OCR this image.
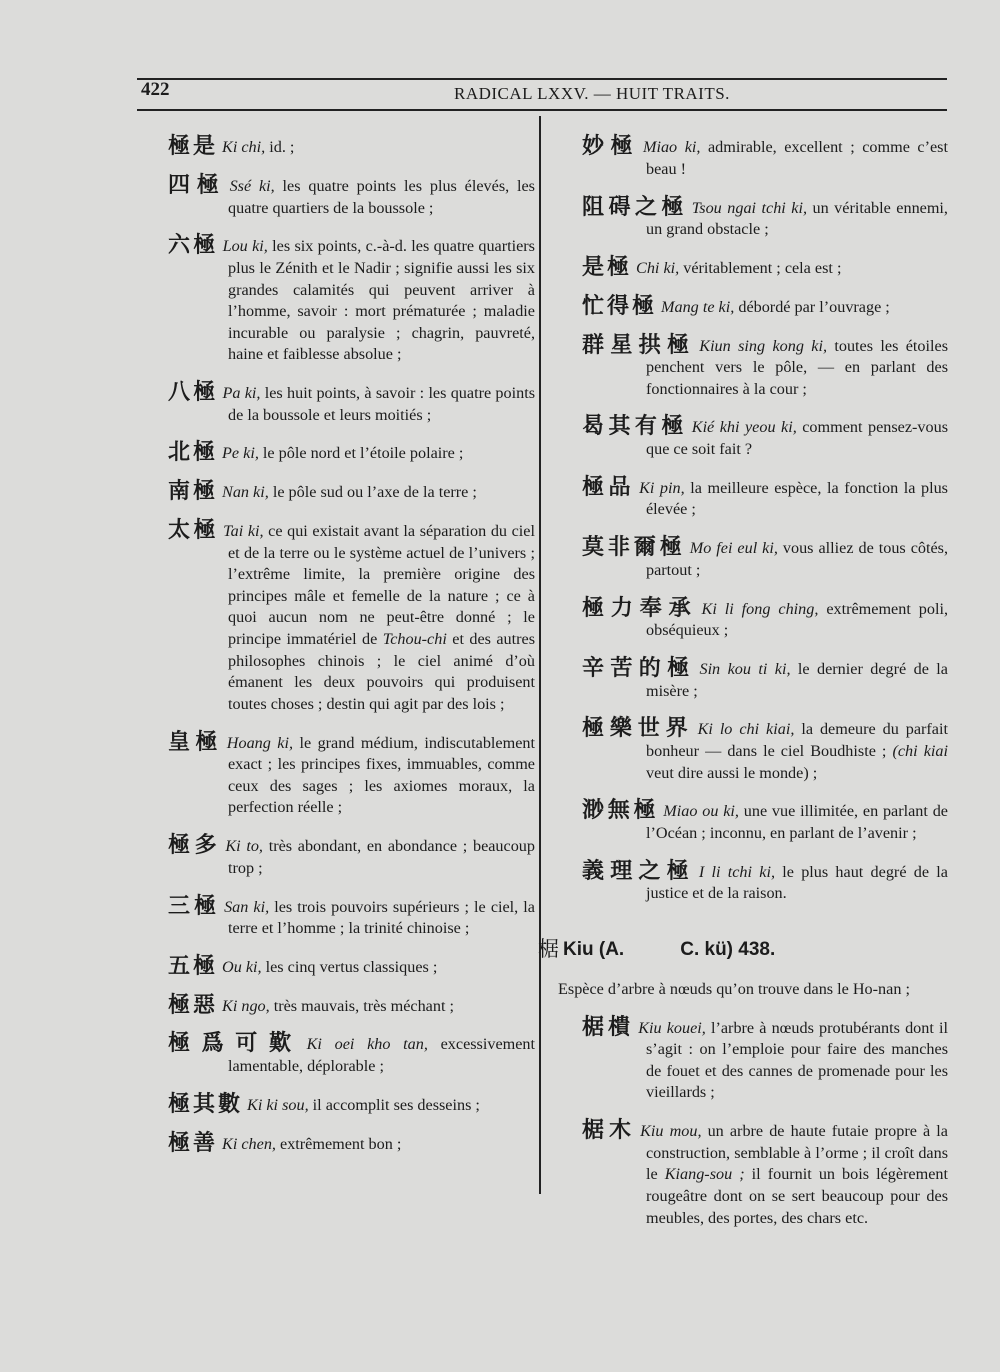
422	RADICAL LXXV. — HUIT TRAITS.

極是 Ki chi, id. ;

四極 Ssé ki, les quatre points les plus élevés, les quatre quartiers de la boussole ;

六極 Lou ki, les six points, c.-à-d. les quatre quartiers plus le Zénith et le Nadir ; signifie aussi les six grandes calamités qui peuvent arriver à l’homme, savoir : mort prématurée ; maladie incurable ou paralysie ; chagrin, pauvreté, haine et faiblesse absolue ;

八極 Pa ki, les huit points, à savoir : les quatre points de la boussole et leurs moitiés ;

北極 Pe ki, le pôle nord et l’étoile polaire ;

南極 Nan ki, le pôle sud ou l’axe de la terre ;

太極 Tai ki, ce qui existait avant la séparation du ciel et de la terre ou le système actuel de l’univers ; l’extrême limite, la première origine des principes mâle et femelle de la nature ; ce à quoi aucun nom ne peut-être donné ; le principe immatériel de Tchou-chi et des autres philosophes chinois ; le ciel animé d’où émanent les deux pouvoirs qui produisent toutes choses ; destin qui agit par des lois ;

皇極 Hoang ki, le grand médium, indiscutablement exact ; les principes fixes, immuables, comme ceux des sages ; les axiomes moraux, la perfection réelle ;

極多 Ki to, très abondant, en abondance ; beaucoup trop ;

三極 San ki, les trois pouvoirs supérieurs ; le ciel, la terre et l’homme ; la trinité chinoise ;

五極 Ou ki, les cinq vertus classiques ;

極惡 Ki ngo, très mauvais, très méchant ;

極爲可歎 Ki oei kho tan, excessivement lamentable, déplorable ;

極其數 Ki ki sou, il accomplit ses desseins ;

極善 Ki chen, extrêmement bon ;

妙極 Miao ki, admirable, excellent ; comme c’est beau !

阻碍之極 Tsou ngai tchi ki, un véritable ennemi, un grand obstacle ;

是極 Chi ki, véritablement ; cela est ;

忙得極 Mang te ki, débordé par l’ouvrage ;

群星拱極 Kiun sing kong ki, toutes les étoiles penchent vers le pôle, — en parlant des fonctionnaires à la cour ;

曷其有極 Kié khi yeou ki, comment pensez-vous que ce soit fait ?

極品 Ki pin, la meilleure espèce, la fonction la plus élevée ;

莫非爾極 Mo fei eul ki, vous alliez de tous côtés, partout ;

極力奉承 Ki li fong ching, extrêmement poli, obséquieux ;

辛苦的極 Sin kou ti ki, le dernier degré de la misère ;

極樂世界 Ki lo chi kiai, la demeure du parfait bonheur — dans le ciel Boudhiste ; (chi kiai veut dire aussi le monde) ;

渺無極 Miao ou ki, une vue illimitée, en parlant de l’Océan ; inconnu, en parlant de l’avenir ;

義理之極 I li tchi ki, le plus haut degré de la justice et de la raison.

椐 Kiu (A.	C. kü) 438.
Espèce d’arbre à nœuds qu’on trouve dans le Ho-nan ;

椐樻 Kiu kouei, l’arbre à nœuds protubérants dont il s’agit : on l’emploie pour faire des manches de fouet et des cannes de promenade pour les vieillards ;

椐木 Kiu mou, un arbre de haute futaie propre à la construction, semblable à l’orme ; il croît dans le Kiang-sou ; il fournit un bois légèrement rougeâtre dont on se sert beaucoup pour des meubles, des portes, des chars etc.
